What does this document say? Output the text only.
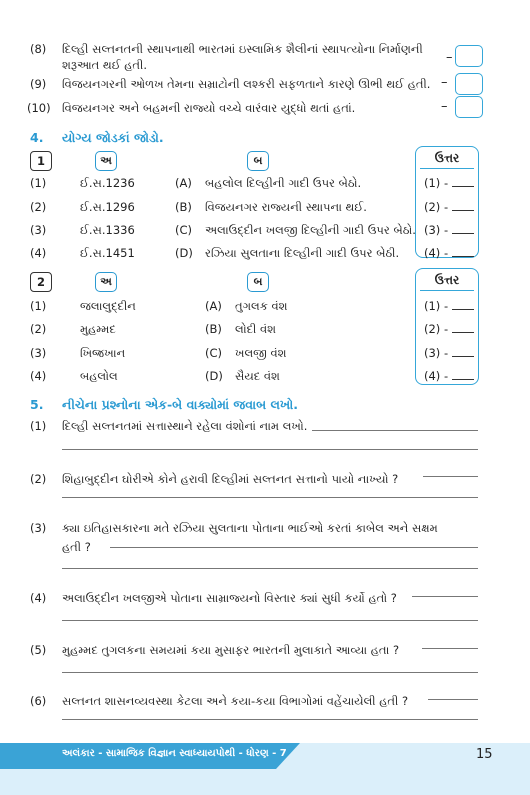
(8) દિલ્હી સલ્તનતની સ્થાપનાથી ભારતમાં ઇસ્લામિક શૈલીનાં સ્થાપત્યોના નિર્માણની
શરૂઆત થઈ હતી.	–
(9) વિજયનગરની ઓળખ તેમના સમ્રાટોની લશ્કરી સફળતાને કારણે ઊભી થઈ હતી. –
(10) વિજયનગર અને બહમની રાજ્યો વચ્ચે વારંવાર યુદ્ધો થતાં હતાં.	–
4. યોગ્ય જોડકાં જોડો.
1	અ	બ	ઉત્તર
(1)	ઈ.સ.1236	(A) બહલોલ દિલ્હીની ગાદી ઉપર બેઠો.	(1) -
(2)	ઈ.સ.1296	(B) વિજયનગર રાજ્યની સ્થાપના થઈ.	(2) -
(3)	ઈ.સ.1336	(C) અલાઉદ્દીન ખલજી દિલ્હીની ગાદી ઉપર બેઠો. (3) -
(4)	ઈ.સ.1451	(D) રઝિયા સુલતાના દિલ્હીની ગાદી ઉપર બેઠી. (4) -
2	અ	બ	ઉત્તર
(1)	જલાલુદ્દીન	(A) તુગલક વંશ	(1) -
(2)	મુહમ્મદ	(B) લોદી વંશ	(2) -
(3)	ખિજ્રખાન	(C) ખલજી વંશ	(3) -
(4)	બહલોલ	(D) સૈયદ વંશ	(4) -
5. નીચેના પ્રશ્નોના એક-બે વાક્યોમાં જવાબ લખો.
(1) દિલ્હી સલ્તનતમાં સત્તાસ્થાને રહેલા વંશોનાં નામ લખો.
(2) શિહાબુદ્દીન ઘોરીએ કોને હરાવી દિલ્હીમાં સલ્તનત સત્તાનો પાયો નાખ્યો ?
(3) ક્યા ઇતિહાસકારના મતે રઝિયા સુલતાના પોતાના ભાઈઓ કરતાં કાબેલ અને સક્ષમ
હતી ?
(4) અલાઉદ્દીન ખલજીએ પોતાના સામ્રાજ્યનો વિસ્તાર ક્યાં સુધી કર્યો હતો ?
(5) મુહમ્મદ તુગલકના સમયમાં કયા મુસાફર ભારતની મુલાકાતે આવ્યા હતા ?
(6) સલ્તનત શાસનવ્યવસ્થા કેટલા અને કયા-કયા વિભાગોમાં વહેંચાયેલી હતી ?
અલંકાર - સામાજિક વિજ્ઞાન સ્વાધ્યાયપોથી - ધોરણ - 7	15
